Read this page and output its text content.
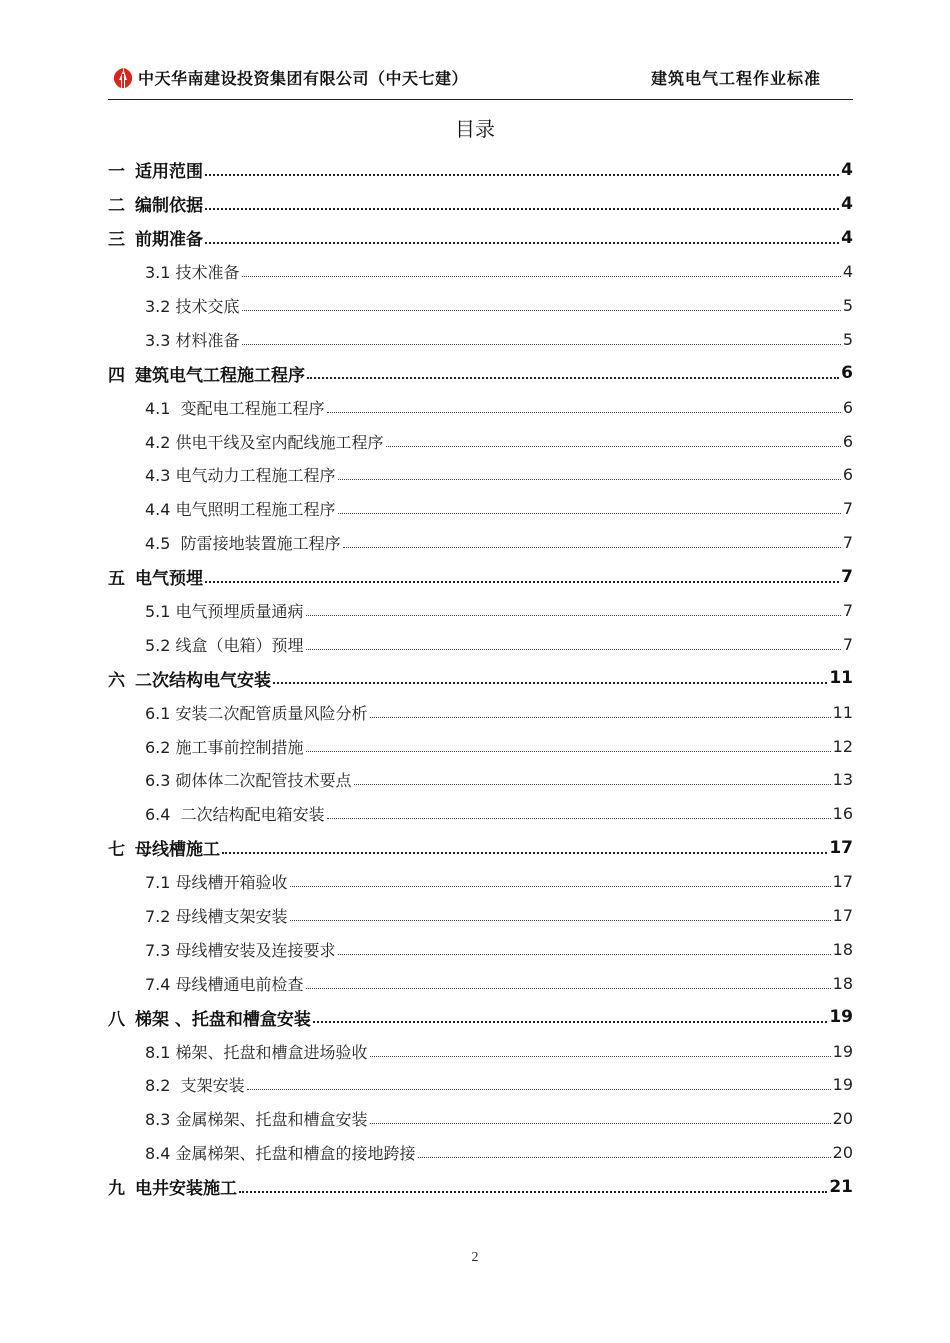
中天华南建设投资集团有限公司（中天七建）	建筑电气工程作业标准
目录
一 适用范围	4
二 编制依据	4
三 前期准备	4
3.1 技术准备	4
3.2 技术交底	5
3.3 材料准备	5
四 建筑电气工程施工程序	6
4.1  变配电工程施工程序	6
4.2 供电干线及室内配线施工程序	6
4.3 电气动力工程施工程序	6
4.4 电气照明工程施工程序	7
4.5  防雷接地装置施工程序	7
五 电气预埋	7
5.1 电气预埋质量通病	7
5.2 线盒（电箱）预埋	7
六 二次结构电气安装	11
6.1 安装二次配管质量风险分析	11
6.2 施工事前控制措施	12
6.3 砌体体二次配管技术要点	13
6.4  二次结构配电箱安装	16
七 母线槽施工	17
7.1 母线槽开箱验收	17
7.2 母线槽支架安装	17
7.3 母线槽安装及连接要求	18
7.4 母线槽通电前检查	18
八 梯架 、托盘和槽盒安装	19
8.1 梯架、托盘和槽盒进场验收	19
8.2  支架安装	19
8.3 金属梯架、托盘和槽盒安装	20
8.4 金属梯架、托盘和槽盒的接地跨接	20
九 电井安装施工	21
2
